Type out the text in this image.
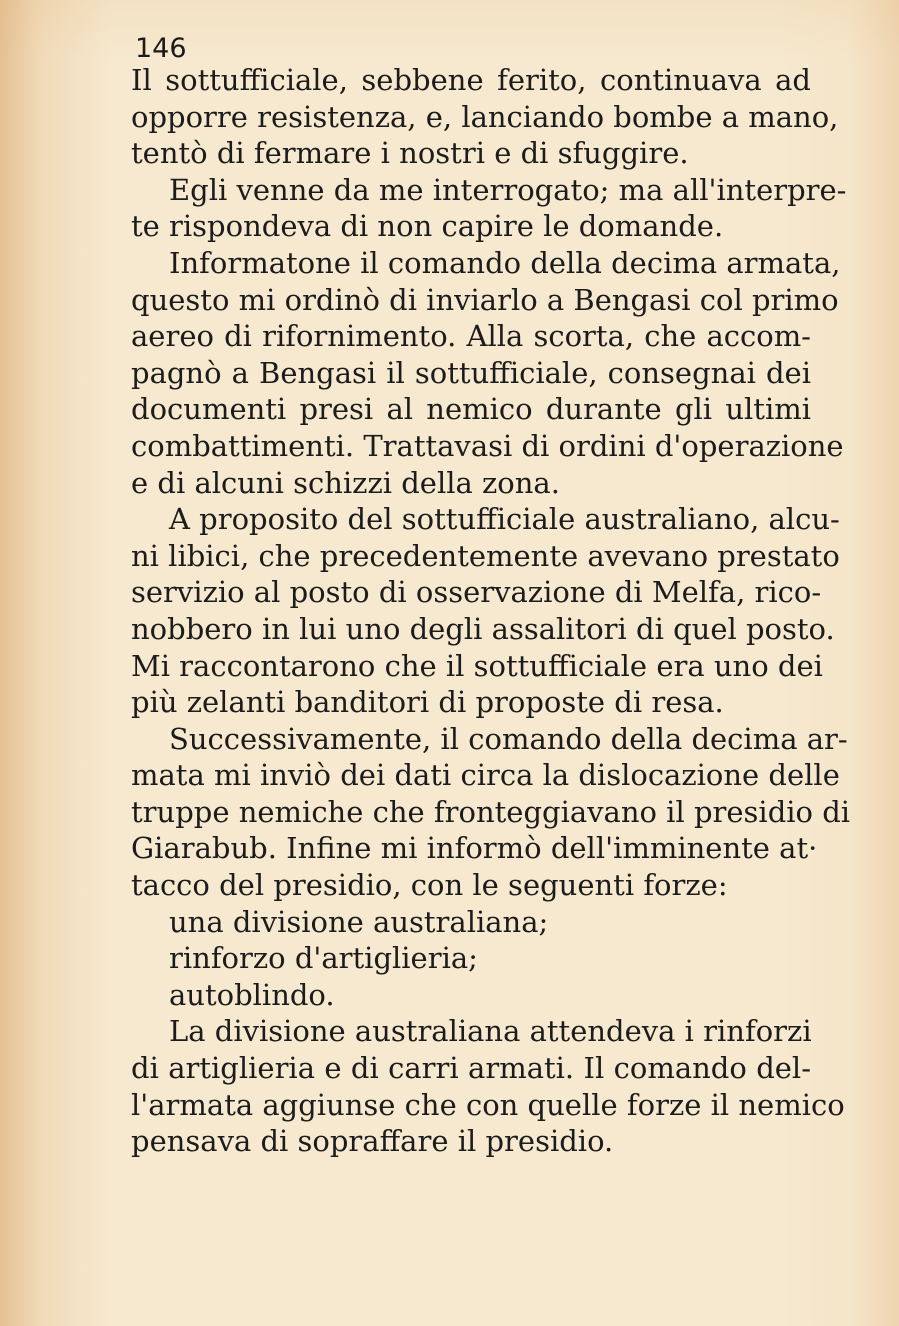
146
Il sottufficiale, sebbene ferito, continuava ad
opporre resistenza, e, lanciando bombe a mano,
tentò di fermare i nostri e di sfuggire.
Egli venne da me interrogato; ma all'interpre-
te rispondeva di non capire le domande.
Informatone il comando della decima armata,
questo mi ordinò di inviarlo a Bengasi col primo
aereo di rifornimento. Alla scorta, che accom-
pagnò a Bengasi il sottufficiale, consegnai dei
documenti presi al nemico durante gli ultimi
combattimenti. Trattavasi di ordini d'operazione
e di alcuni schizzi della zona.
A proposito del sottufficiale australiano, alcu-
ni libici, che precedentemente avevano prestato
servizio al posto di osservazione di Melfa, rico-
nobbero in lui uno degli assalitori di quel posto.
Mi raccontarono che il sottufficiale era uno dei
più zelanti banditori di proposte di resa.
Successivamente, il comando della decima ar-
mata mi inviò dei dati circa la dislocazione delle
truppe nemiche che fronteggiavano il presidio di
Giarabub. Infine mi informò dell'imminente at·
tacco del presidio, con le seguenti forze:
una divisione australiana;
rinforzo d'artiglieria;
autoblindo.
La divisione australiana attendeva i rinforzi
di artiglieria e di carri armati. Il comando del-
l'armata aggiunse che con quelle forze il nemico
pensava di sopraffare il presidio.
